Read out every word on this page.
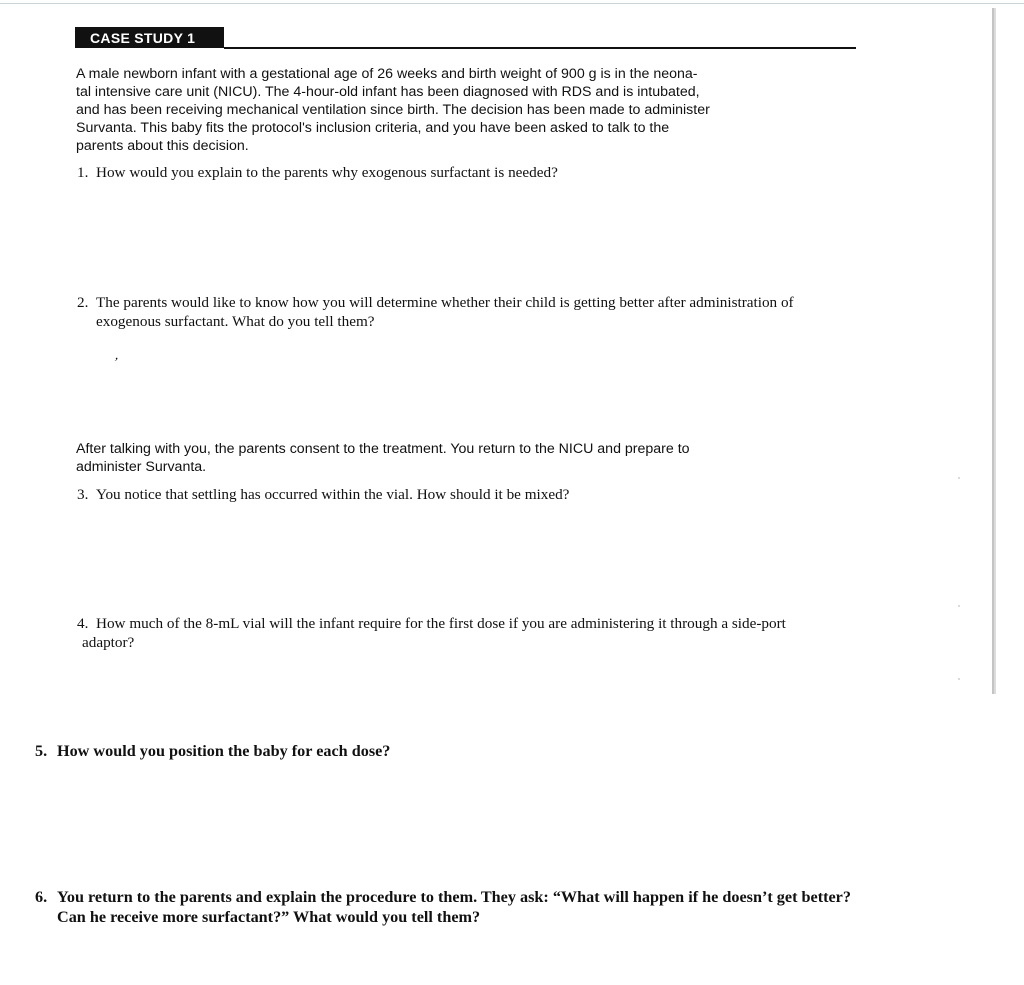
CASE STUDY 1
A male newborn infant with a gestational age of 26 weeks and birth weight of 900 g is in the neona-
tal intensive care unit (NICU). The 4-hour-old infant has been diagnosed with RDS and is intubated,
and has been receiving mechanical ventilation since birth. The decision has been made to administer
Survanta. This baby fits the protocol's inclusion criteria, and you have been asked to talk to the
parents about this decision.
1. How would you explain to the parents why exogenous surfactant is needed?
2. The parents would like to know how you will determine whether their child is getting better after administration of
exogenous surfactant. What do you tell them?
,
After talking with you, the parents consent to the treatment. You return to the NICU and prepare to
administer Survanta.
3. You notice that settling has occurred within the vial. How should it be mixed?
4. How much of the 8-mL vial will the infant require for the first dose if you are administering it through a side-port
adaptor?
5. How would you position the baby for each dose?
6. You return to the parents and explain the procedure to them. They ask: “What will happen if he doesn’t get better?
Can he receive more surfactant?” What would you tell them?
